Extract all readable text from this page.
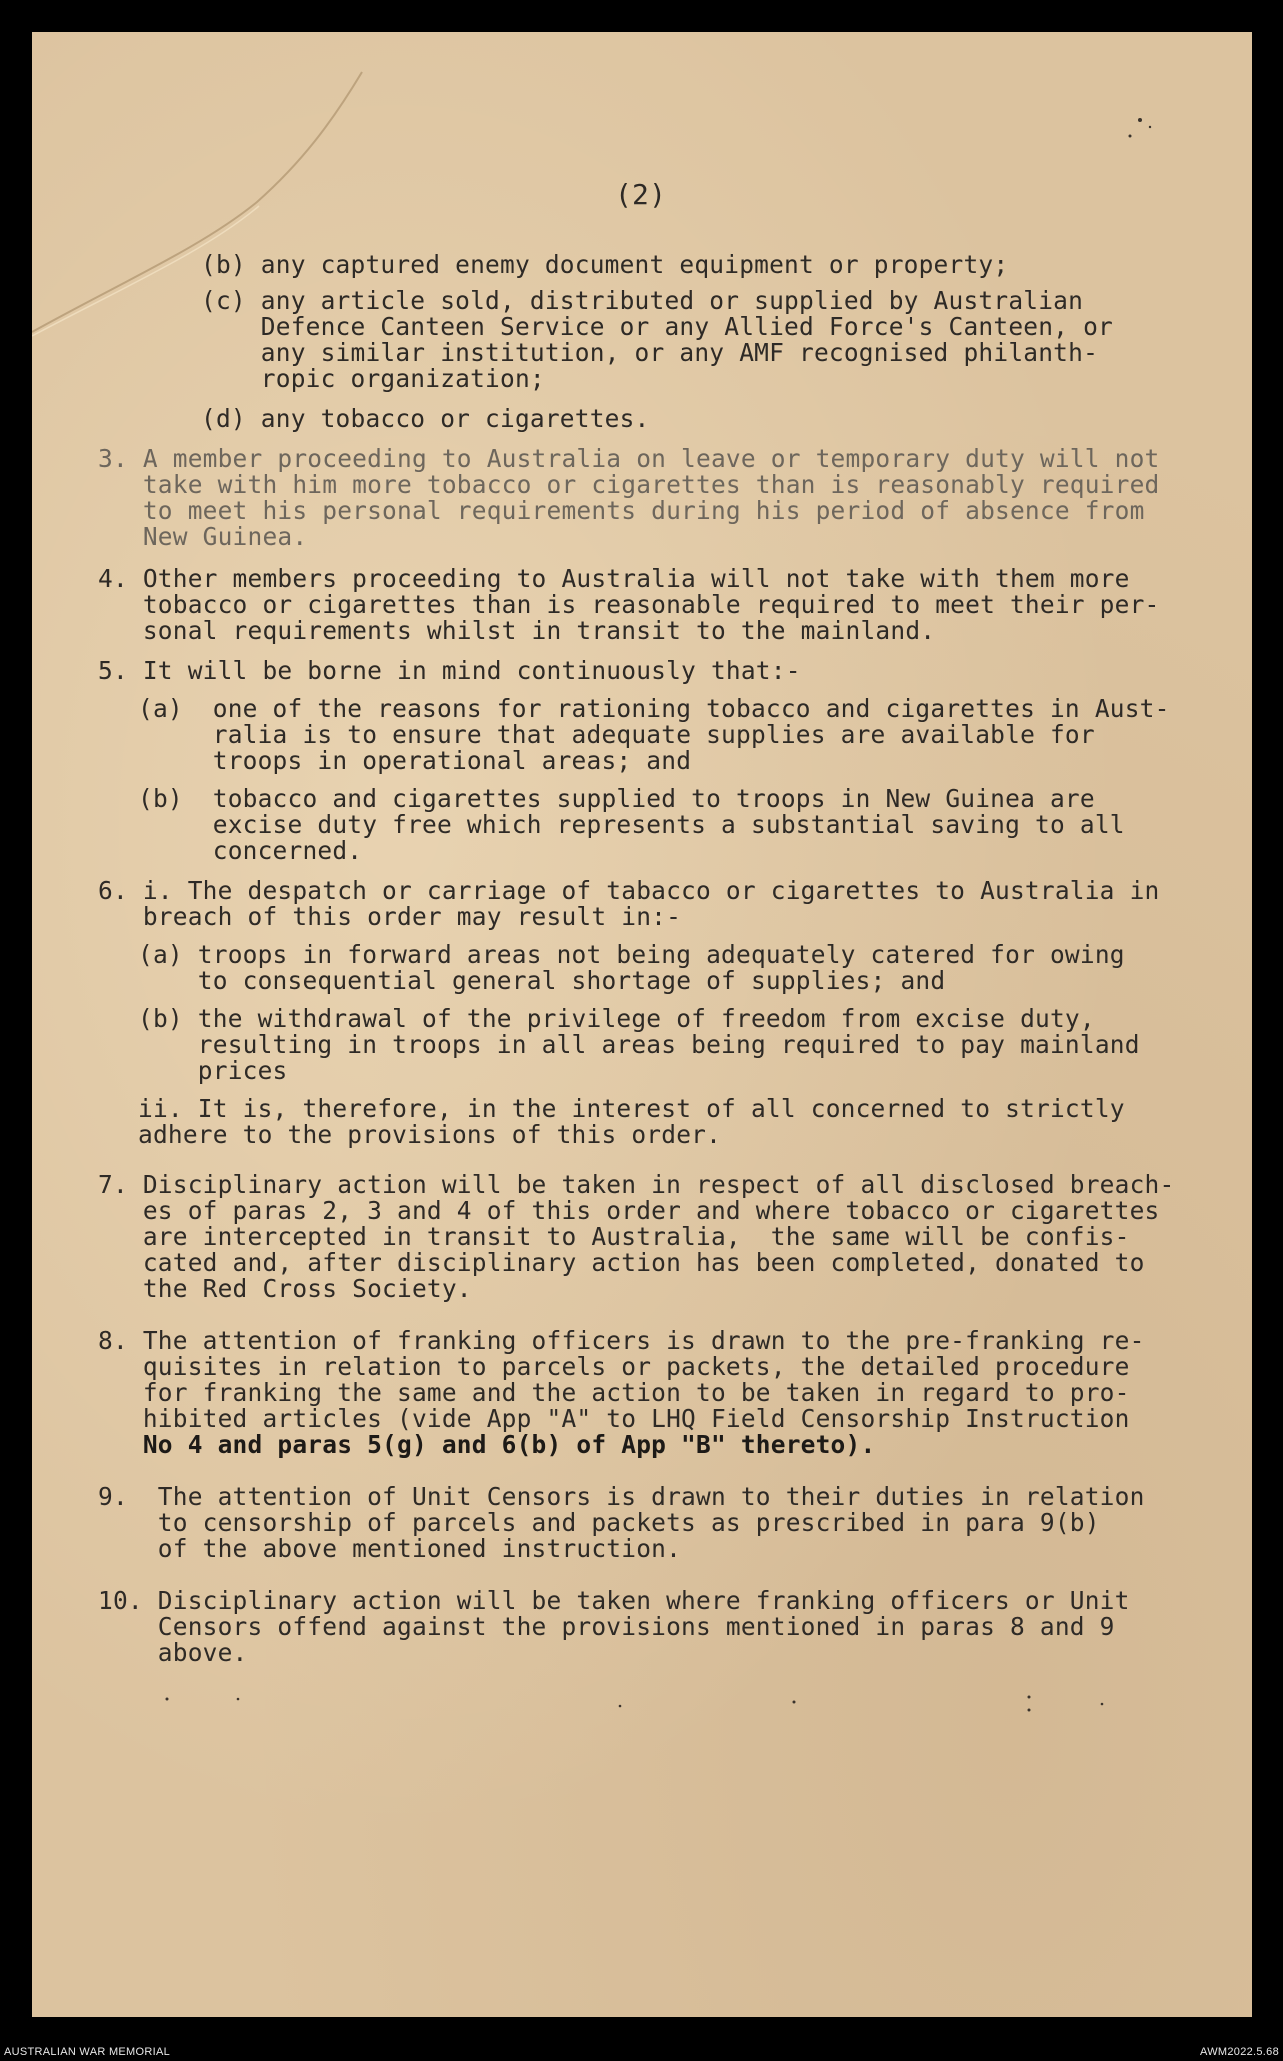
(2)
(b) any captured enemy document equipment or property;
(c) any article sold, distributed or supplied by Australian
Defence Canteen Service or any Allied Force's Canteen, or
any similar institution, or any AMF recognised philanth-
ropic organization;
(d) any tobacco or cigarettes.
3. A member proceeding to Australia on leave or temporary duty will not
take with him more tobacco or cigarettes than is reasonably required
to meet his personal requirements during his period of absence from
New Guinea.
4. Other members proceeding to Australia will not take with them more
tobacco or cigarettes than is reasonable required to meet their per-
sonal requirements whilst in transit to the mainland.
5. It will be borne in mind continuously that:-
(a)  one of the reasons for rationing tobacco and cigarettes in Aust-
ralia is to ensure that adequate supplies are available for
troops in operational areas; and
(b)  tobacco and cigarettes supplied to troops in New Guinea are
excise duty free which represents a substantial saving to all
concerned.
6. i. The despatch or carriage of tabacco or cigarettes to Australia in
breach of this order may result in:-
(a) troops in forward areas not being adequately catered for owing
to consequential general shortage of supplies; and
(b) the withdrawal of the privilege of freedom from excise duty,
resulting in troops in all areas being required to pay mainland
prices
ii. It is, therefore, in the interest of all concerned to strictly
adhere to the provisions of this order.
7. Disciplinary action will be taken in respect of all disclosed breach-
es of paras 2, 3 and 4 of this order and where tobacco or cigarettes
are intercepted in transit to Australia,  the same will be confis-
cated and, after disciplinary action has been completed, donated to
the Red Cross Society.
8. The attention of franking officers is drawn to the pre-franking re-
quisites in relation to parcels or packets, the detailed procedure
for franking the same and the action to be taken in regard to pro-
hibited articles (vide App "A" to LHQ Field Censorship Instruction
No 4 and paras 5(g) and 6(b) of App "B" thereto).
9.  The attention of Unit Censors is drawn to their duties in relation
to censorship of parcels and packets as prescribed in para 9(b)
of the above mentioned instruction.
10. Disciplinary action will be taken where franking officers or Unit
Censors offend against the provisions mentioned in paras 8 and 9
above.
AUSTRALIAN WAR MEMORIAL	AWM2022.5.68
